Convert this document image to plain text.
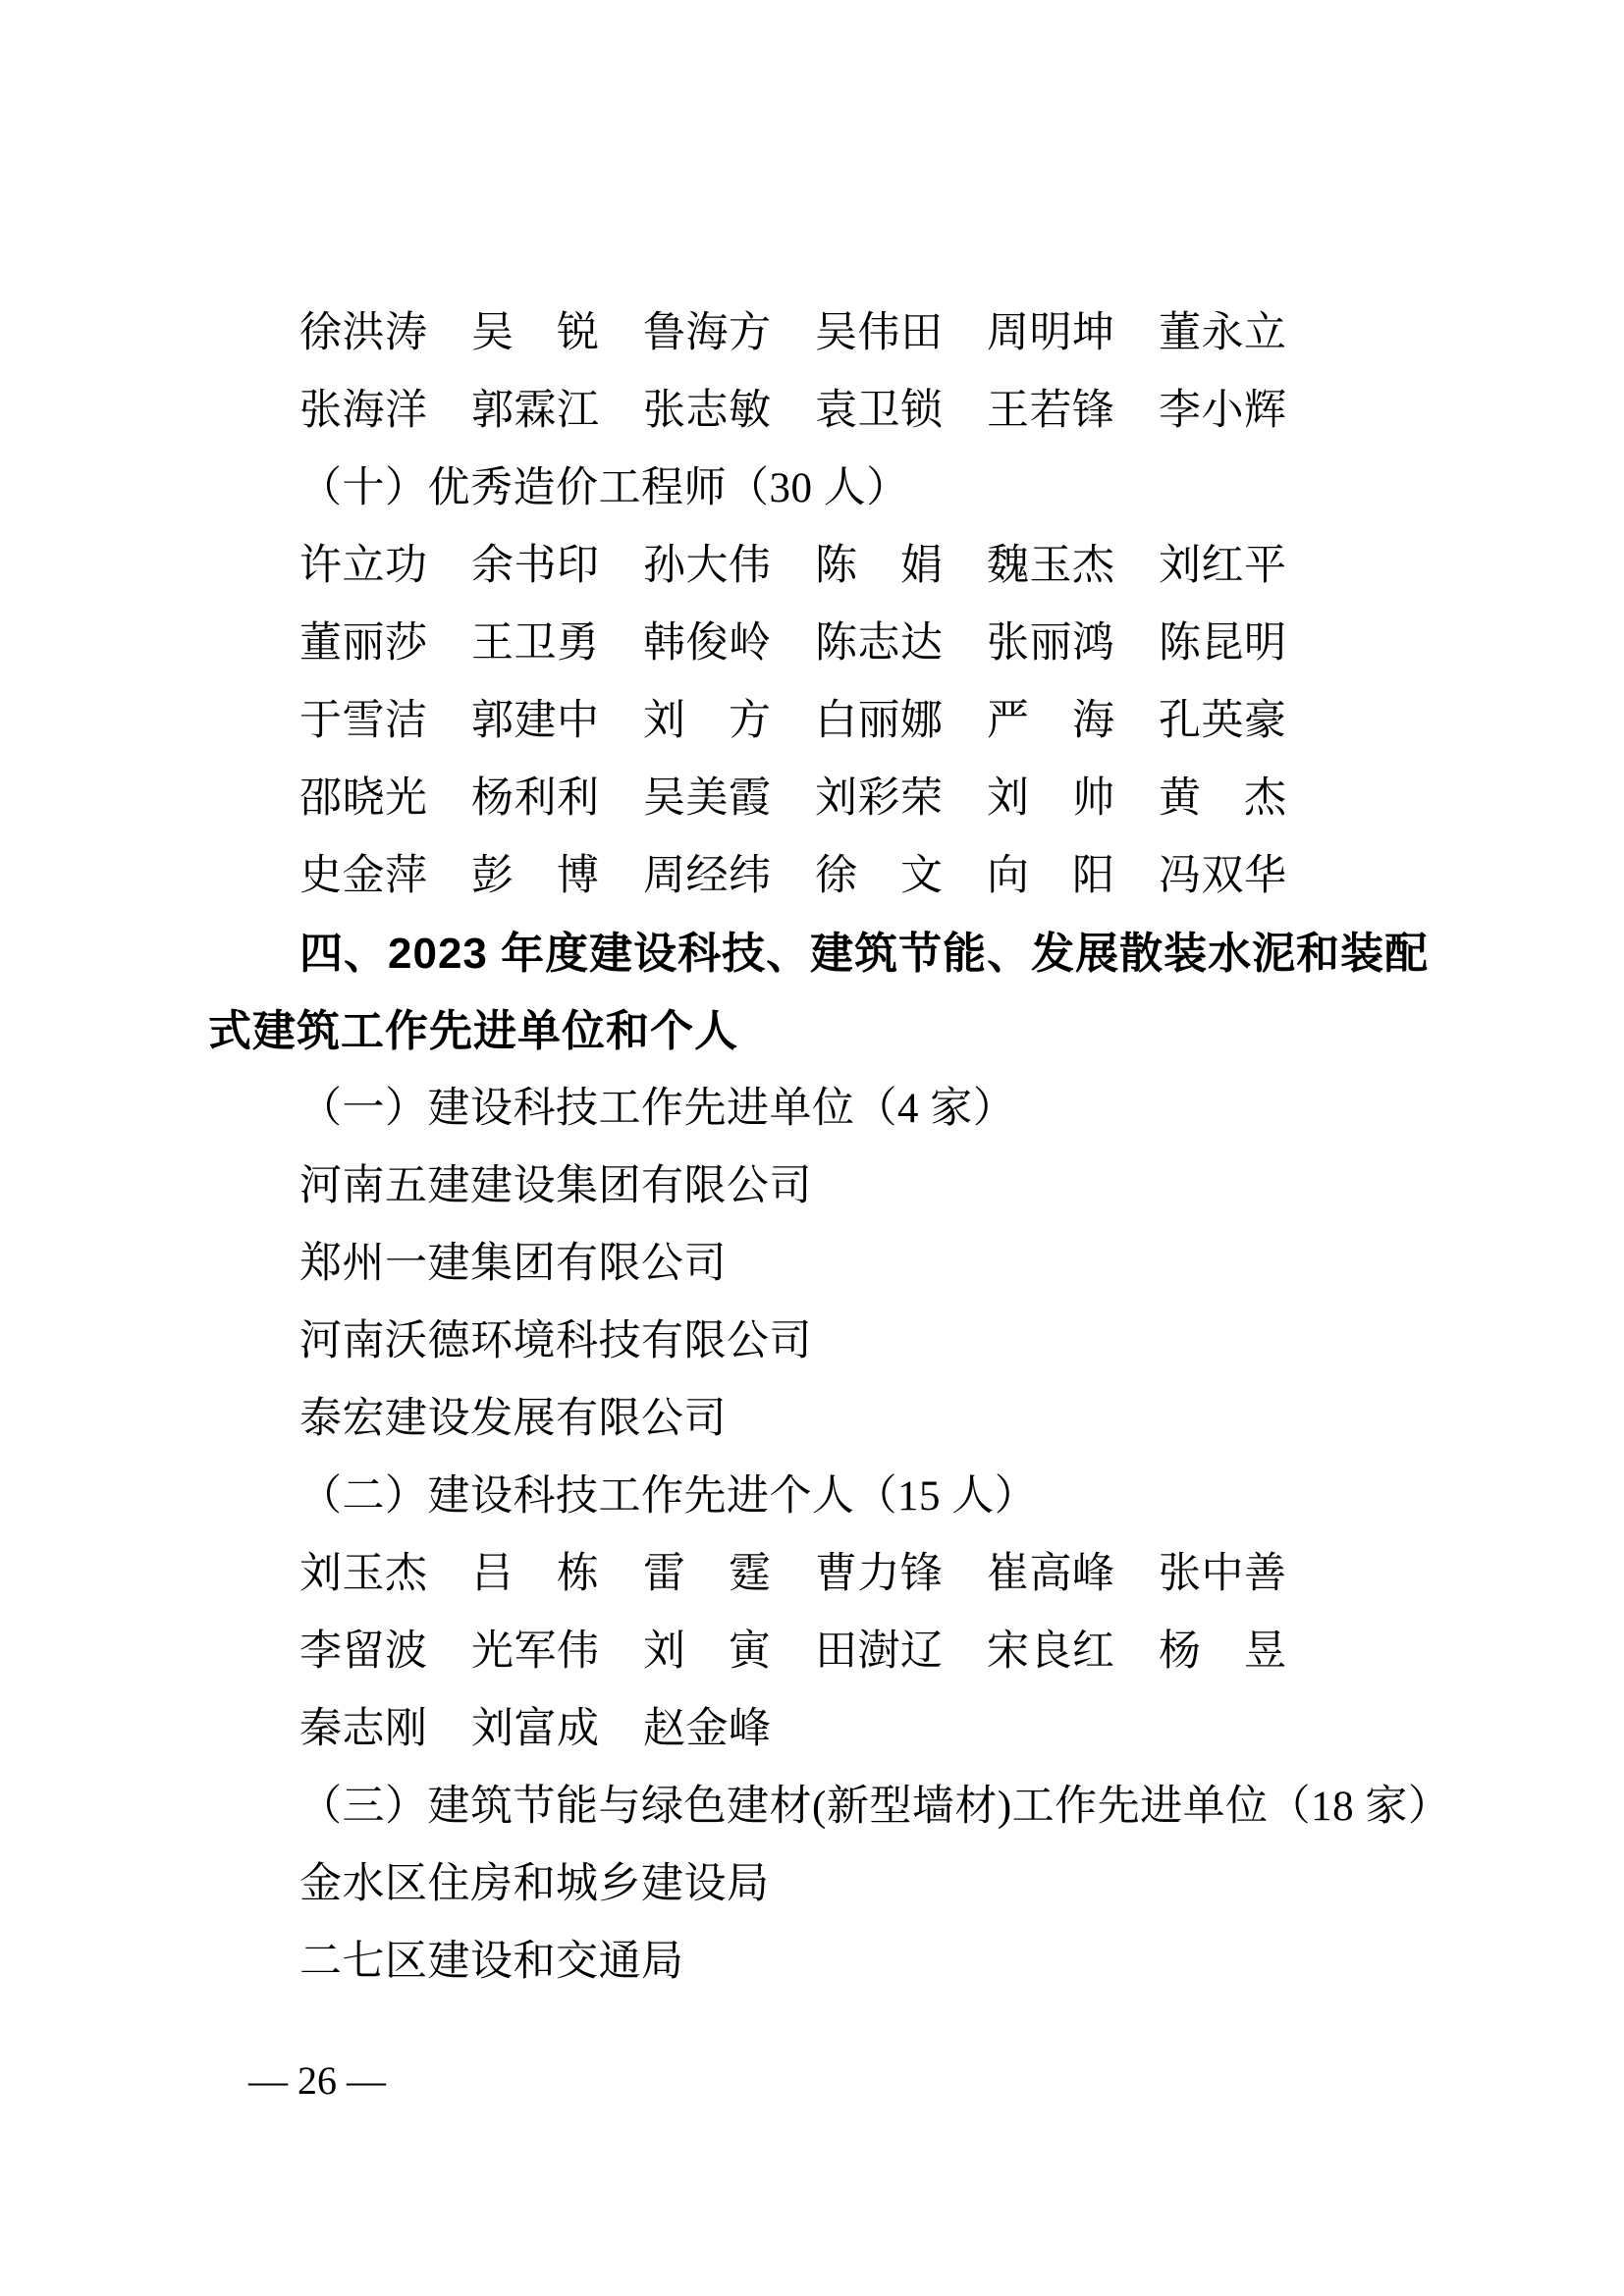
徐洪涛 吴　锐 鲁海方 吴伟田 周明坤 董永立

张海洋 郭霖江 张志敏 袁卫锁 王若锋 李小辉

（十）优秀造价工程师（30 人）

许立功 余书印 孙大伟 陈　娟 魏玉杰 刘红平

董丽莎 王卫勇 韩俊岭 陈志达 张丽鸿 陈昆明

于雪洁 郭建中 刘　方 白丽娜 严　海 孔英豪

邵晓光 杨利利 吴美霞 刘彩荣 刘　帅 黄　杰

史金萍 彭　博 周经纬 徐　文 向　阳 冯双华

四、2023 年度建设科技、建筑节能、发展散装水泥和装配

式建筑工作先进单位和个人

（一）建设科技工作先进单位（4 家）

河南五建建设集团有限公司

郑州一建集团有限公司

河南沃德环境科技有限公司

泰宏建设发展有限公司

（二）建设科技工作先进个人（15 人）

刘玉杰 吕　栋 雷　霆 曹力锋 崔高峰 张中善

李留波 光军伟 刘　寅 田澍辽 宋良红 杨　昱

秦志刚 刘富成 赵金峰

（三）建筑节能与绿色建材(新型墙材)工作先进单位（18 家）

金水区住房和城乡建设局

二七区建设和交通局

— 26 —
